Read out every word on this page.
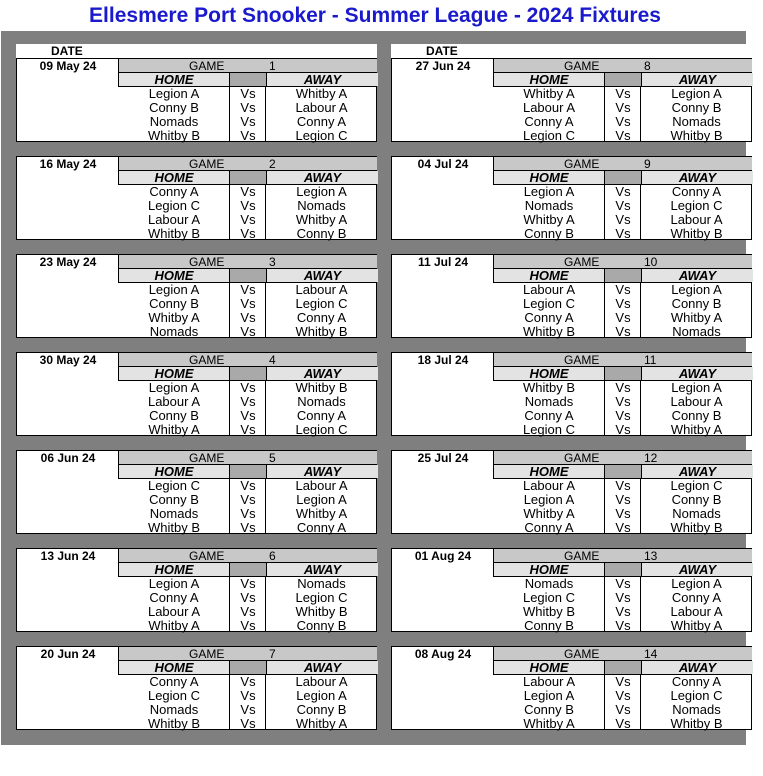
Ellesmere Port Snooker - Summer League - 2024 Fixtures
DATE
09 May 24	GAME	1
HOME	AWAY
Legion A	Vs	Whitby A
Conny B	Vs	Labour A
Nomads	Vs	Conny A
Whitby B	Vs	Legion C
16 May 24	GAME	2
HOME	AWAY
Conny A	Vs	Legion A
Legion C	Vs	Nomads
Labour A	Vs	Whitby A
Whitby B	Vs	Conny B
23 May 24	GAME	3
HOME	AWAY
Legion A	Vs	Labour A
Conny B	Vs	Legion C
Whitby A	Vs	Conny A
Nomads	Vs	Whitby B
30 May 24	GAME	4
HOME	AWAY
Legion A	Vs	Whitby B
Labour A	Vs	Nomads
Conny B	Vs	Conny A
Whitby A	Vs	Legion C
06 Jun 24	GAME	5
HOME	AWAY
Legion C	Vs	Labour A
Conny B	Vs	Legion A
Nomads	Vs	Whitby A
Whitby B	Vs	Conny A
13 Jun 24	GAME	6
HOME	AWAY
Legion A	Vs	Nomads
Conny A	Vs	Legion C
Labour A	Vs	Whitby B
Whitby A	Vs	Conny B
20 Jun 24	GAME	7
HOME	AWAY
Conny A	Vs	Labour A
Legion C	Vs	Legion A
Nomads	Vs	Conny B
Whitby B	Vs	Whitby A
DATE
27 Jun 24	GAME	8
HOME	AWAY
Whitby A	Vs	Legion A
Labour A	Vs	Conny B
Conny A	Vs	Nomads
Legion C	Vs	Whitby B
04 Jul 24	GAME	9
HOME	AWAY
Legion A	Vs	Conny A
Nomads	Vs	Legion C
Whitby A	Vs	Labour A
Conny B	Vs	Whitby B
11 Jul 24	GAME	10
HOME	AWAY
Labour A	Vs	Legion A
Legion C	Vs	Conny B
Conny A	Vs	Whitby A
Whitby B	Vs	Nomads
18 Jul 24	GAME	11
HOME	AWAY
Whitby B	Vs	Legion A
Nomads	Vs	Labour A
Conny A	Vs	Conny B
Legion C	Vs	Whitby A
25 Jul 24	GAME	12
HOME	AWAY
Labour A	Vs	Legion C
Legion A	Vs	Conny B
Whitby A	Vs	Nomads
Conny A	Vs	Whitby B
01 Aug 24	GAME	13
HOME	AWAY
Nomads	Vs	Legion A
Legion C	Vs	Conny A
Whitby B	Vs	Labour A
Conny B	Vs	Whitby A
08 Aug 24	GAME	14
HOME	AWAY
Labour A	Vs	Conny A
Legion A	Vs	Legion C
Conny B	Vs	Nomads
Whitby A	Vs	Whitby B
